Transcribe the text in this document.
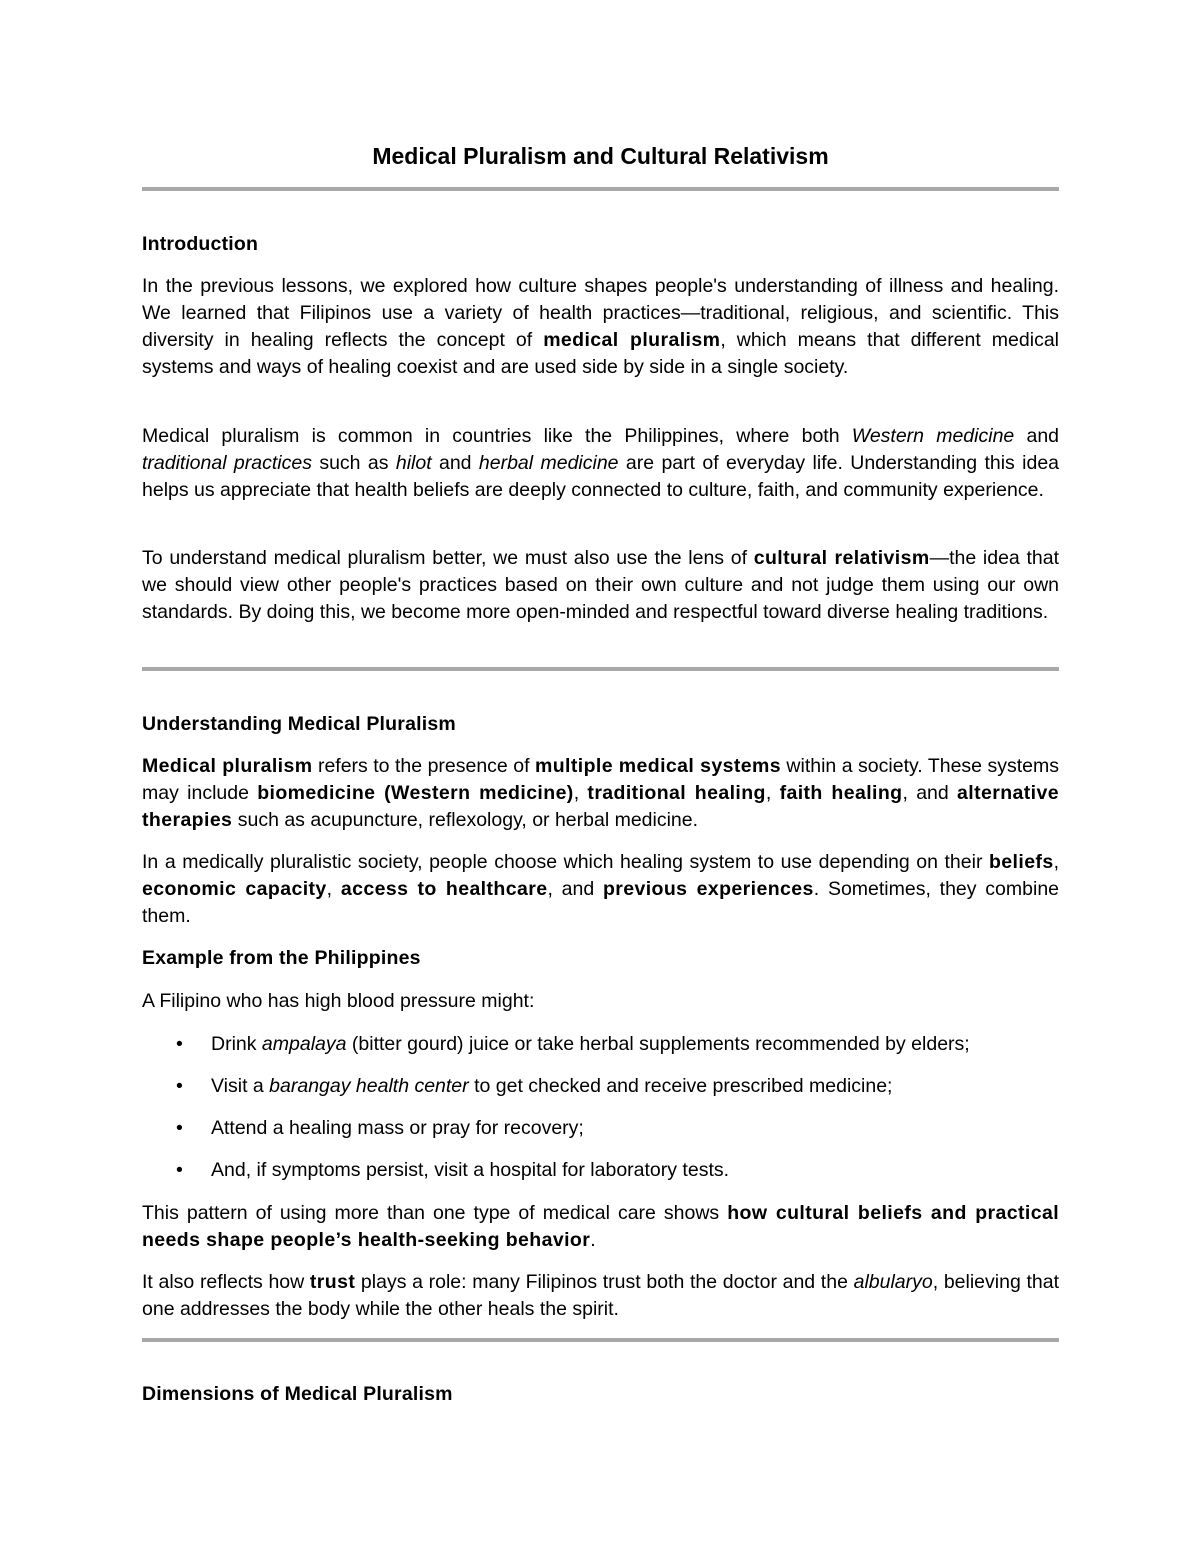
Medical Pluralism and Cultural Relativism
Introduction

In the previous lessons, we explored how culture shapes people's understanding of illness and healing. We learned that Filipinos use a variety of health practices—traditional, religious, and scientific. This diversity in healing reflects the concept of medical pluralism, which means that different medical systems and ways of healing coexist and are used side by side in a single society.

Medical pluralism is common in countries like the Philippines, where both Western medicine and traditional practices such as hilot and herbal medicine are part of everyday life. Understanding this idea helps us appreciate that health beliefs are deeply connected to culture, faith, and community experience.

To understand medical pluralism better, we must also use the lens of cultural relativism—the idea that we should view other people's practices based on their own culture and not judge them using our own standards. By doing this, we become more open-minded and respectful toward diverse healing traditions.

Understanding Medical Pluralism

Medical pluralism refers to the presence of multiple medical systems within a society. These systems may include biomedicine (Western medicine), traditional healing, faith healing, and alternative therapies such as acupuncture, reflexology, or herbal medicine.

In a medically pluralistic society, people choose which healing system to use depending on their beliefs, economic capacity, access to healthcare, and previous experiences. Sometimes, they combine them.

Example from the Philippines

A Filipino who has high blood pressure might:

• Drink ampalaya (bitter gourd) juice or take herbal supplements recommended by elders;
• Visit a barangay health center to get checked and receive prescribed medicine;
• Attend a healing mass or pray for recovery;
• And, if symptoms persist, visit a hospital for laboratory tests.

This pattern of using more than one type of medical care shows how cultural beliefs and practical needs shape people’s health-seeking behavior.

It also reflects how trust plays a role: many Filipinos trust both the doctor and the albularyo, believing that one addresses the body while the other heals the spirit.

Dimensions of Medical Pluralism
